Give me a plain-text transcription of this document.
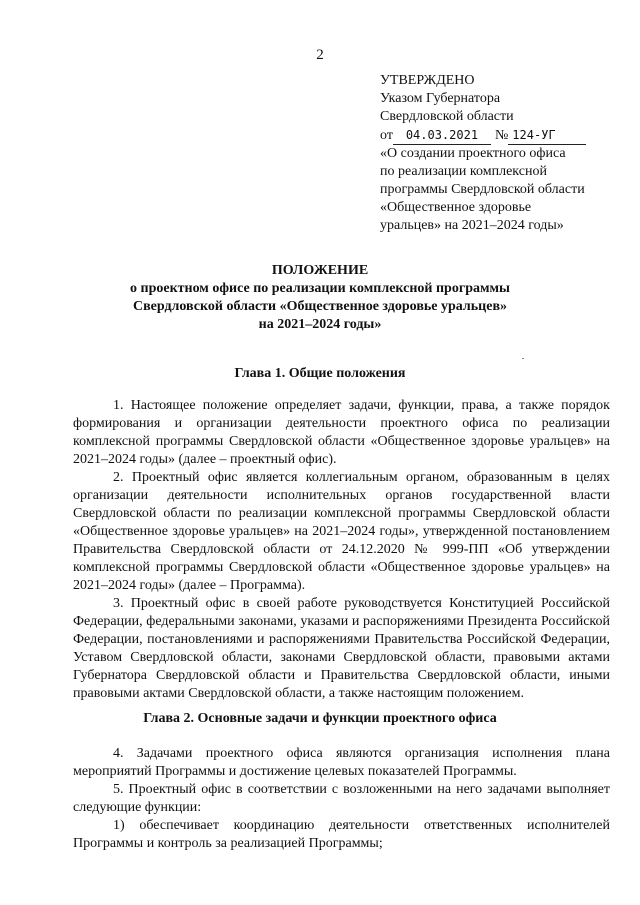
2
УТВЕРЖДЕНО
Указом Губернатора
Свердловской области
от 04.03.2021 № 124-УГ
«О создании проектного офиса
по реализации комплексной
программы Свердловской области
«Общественное здоровье
уральцев» на 2021–2024 годы»
ПОЛОЖЕНИЕ
о проектном офисе по реализации комплексной программы
Свердловской области «Общественное здоровье уральцев»
на 2021–2024 годы»
Глава 1. Общие положения

1. Настоящее положение определяет задачи, функции, права, а также порядок формирования и организации деятельности проектного офиса по реализации комплексной программы Свердловской области «Общественное здоровье уральцев» на 2021–2024 годы» (далее – проектный офис).

2. Проектный офис является коллегиальным органом, образованным в целях организации деятельности исполнительных органов государственной власти Свердловской области по реализации комплексной программы Свердловской области «Общественное здоровье уральцев» на 2021–2024 годы», утвержденной постановлением Правительства Свердловской области от 24.12.2020 № 999-ПП «Об утверждении комплексной программы Свердловской области «Общественное здоровье уральцев» на 2021–2024 годы» (далее – Программа).

3. Проектный офис в своей работе руководствуется Конституцией Российской Федерации, федеральными законами, указами и распоряжениями Президента Российской Федерации, постановлениями и распоряжениями Правительства Российской Федерации, Уставом Свердловской области, законами Свердловской области, правовыми актами Губернатора Свердловской области и Правительства Свердловской области, иными правовыми актами Свердловской области, а также настоящим положением.

Глава 2. Основные задачи и функции проектного офиса

4. Задачами проектного офиса являются организация исполнения плана мероприятий Программы и достижение целевых показателей Программы.

5. Проектный офис в соответствии с возложенными на него задачами выполняет следующие функции:

1) обеспечивает координацию деятельности ответственных исполнителей Программы и контроль за реализацией Программы;
